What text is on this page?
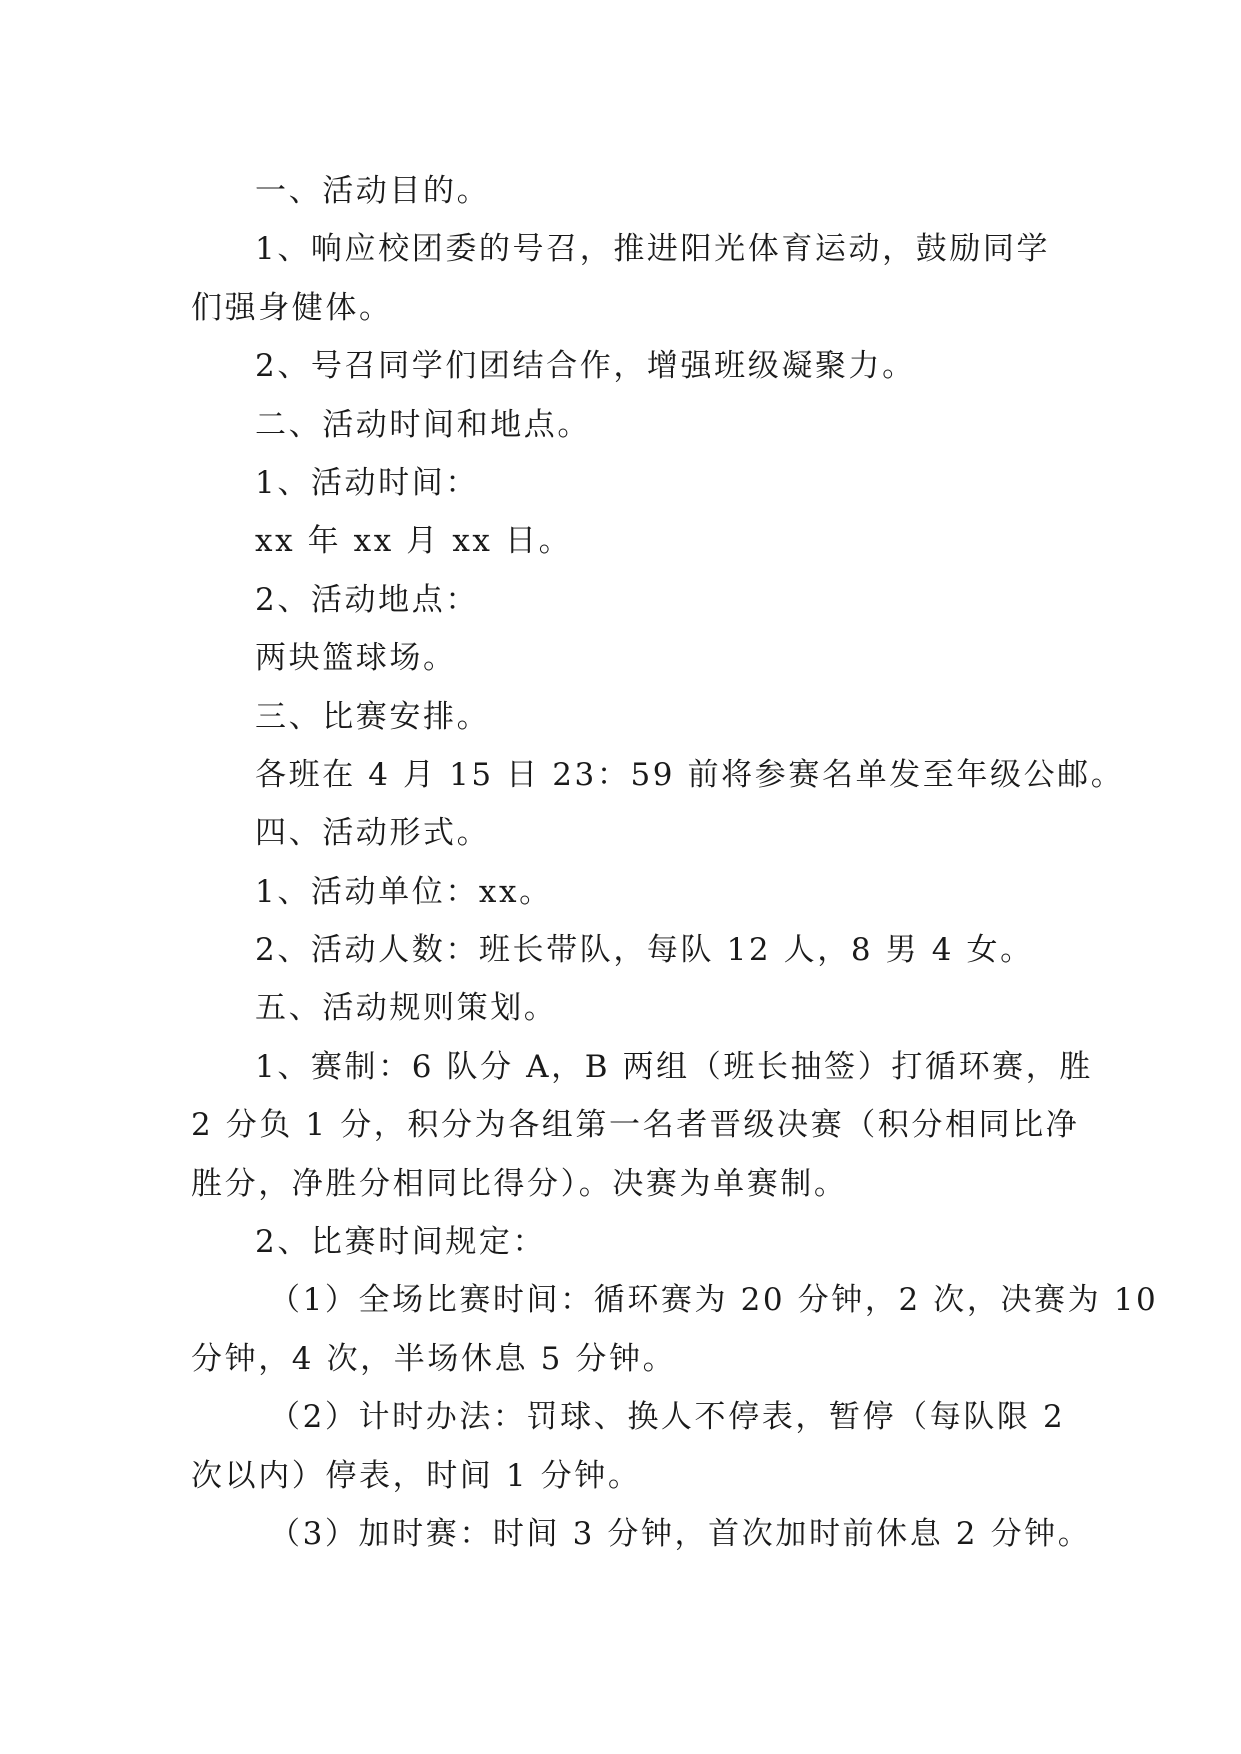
一、活动目的。

1、响应校团委的号召，推进阳光体育运动，鼓励同学

们强身健体。

2、号召同学们团结合作，增强班级凝聚力。

二、活动时间和地点。

1、活动时间：

xx 年 xx 月 xx 日。

2、活动地点：

两块篮球场。

三、比赛安排。

各班在 4 月 15 日 23：59 前将参赛名单发至年级公邮。

四、活动形式。

1、活动单位：xx。

2、活动人数：班长带队，每队 12 人，8 男 4 女。

五、活动规则策划。

1、赛制：6 队分 A，B 两组（班长抽签）打循环赛，胜

2 分负 1 分，积分为各组第一名者晋级决赛（积分相同比净

胜分，净胜分相同比得分）。决赛为单赛制。

2、比赛时间规定：

（1）全场比赛时间：循环赛为 20 分钟，2 次，决赛为 10

分钟，4 次，半场休息 5 分钟。

（2）计时办法：罚球、换人不停表，暂停（每队限 2

次以内）停表，时间 1 分钟。

（3）加时赛：时间 3 分钟，首次加时前休息 2 分钟。
